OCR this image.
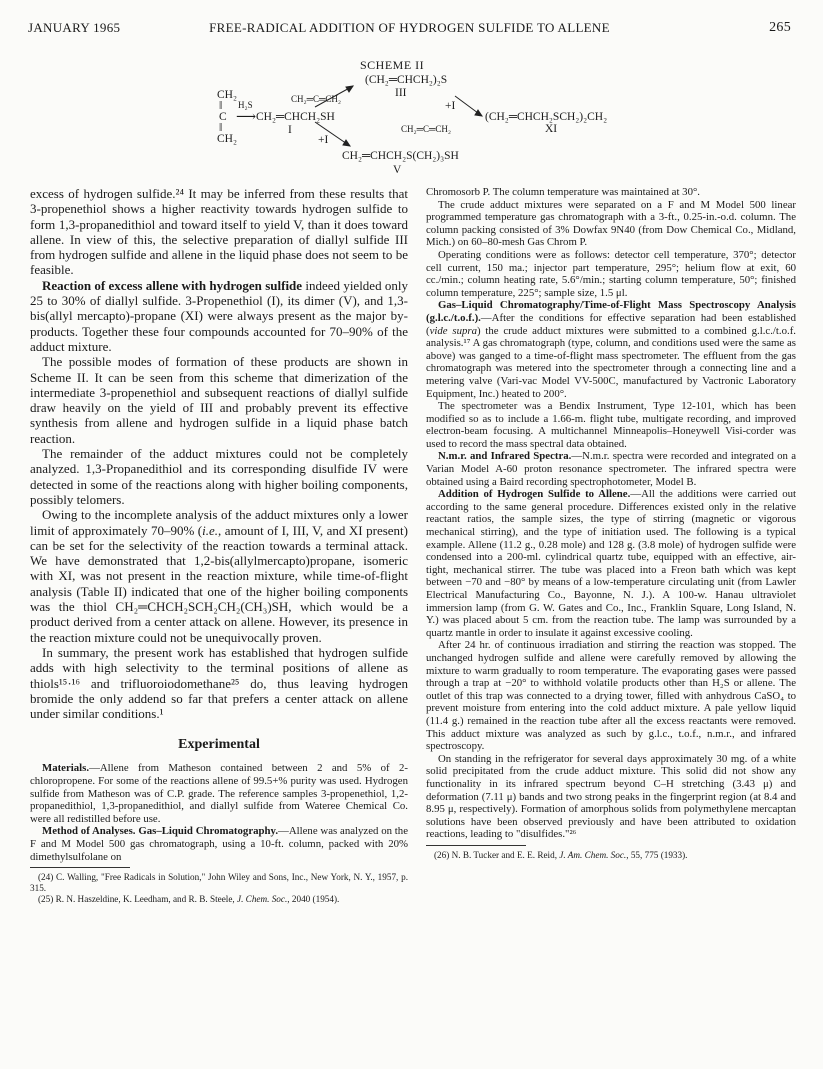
JANUARY 1965	FREE-RADICAL ADDITION OF HYDROGEN SULFIDE TO ALLENE	265
SCHEME II
(CH₂═CHCH₂)₂S
III
CH₂
‖
C
‖
CH₂
H₂S
⟶ CH₂═CHCH₂SH
I
CH₂═C═CH₂
+I
CH₂═C═CH₂
(CH₂═CHCH₂SCH₂)₂CH₂
XI
+I
CH₂═CHCH₂S(CH₂)₃SH
V

excess of hydrogen sulfide.²⁴ It may be inferred from these results that 3-propenethiol shows a higher reactivity towards hydrogen sulfide to form 1,3-propanedithiol and toward itself to yield V, than it does toward allene. In view of this, the selective preparation of diallyl sulfide III from hydrogen sulfide and allene in the liquid phase does not seem to be feasible.

Reaction of excess allene with hydrogen sulfide indeed yielded only 25 to 30% of diallyl sulfide. 3-Propenethiol (I), its dimer (V), and 1,3-bis(allyl mercapto)-propane (XI) were always present as the major by-products. Together these four compounds accounted for 70–90% of the adduct mixture.

The possible modes of formation of these products are shown in Scheme II. It can be seen from this scheme that dimerization of the intermediate 3-propenethiol and subsequent reactions of diallyl sulfide draw heavily on the yield of III and probably prevent its effective synthesis from allene and hydrogen sulfide in a liquid phase batch reaction.

The remainder of the adduct mixtures could not be completely analyzed. 1,3-Propanedithiol and its corresponding disulfide IV were detected in some of the reactions along with higher boiling components, possibly telomers.

Owing to the incomplete analysis of the adduct mixtures only a lower limit of approximately 70–90% (i.e., amount of I, III, V, and XI present) can be set for the selectivity of the reaction towards a terminal attack. We have demonstrated that 1,2-bis(allylmercapto)propane, isomeric with XI, was not present in the reaction mixture, while time-of-flight analysis (Table II) indicated that one of the higher boiling components was the thiol CH₂═CHCH₂SCH₂CH₂(CH₃)SH, which would be a product derived from a center attack on allene. However, its presence in the reaction mixture could not be unequivocally proven.

In summary, the present work has established that hydrogen sulfide adds with high selectivity to the terminal positions of allene as thiols¹⁵·¹⁶ and trifluoroiodomethane²⁵ do, thus leaving hydrogen bromide the only addend so far that prefers a center attack on allene under similar conditions.¹

Experimental

Materials.—Allene from Matheson contained between 2 and 5% of 2-chloropropene. For some of the reactions allene of 99.5+% purity was used. Hydrogen sulfide from Matheson was of C.P. grade. The reference samples 3-propenethiol, 1,2-propanedithiol, 1,3-propanedithiol, and diallyl sulfide from Wateree Chemical Co. were all redistilled before use.

Method of Analyses. Gas–Liquid Chromatography.—Allene was analyzed on the F and M Model 500 gas chromatograph, using a 10-ft. column, packed with 20% dimethylsulfolane on

(24) C. Walling, "Free Radicals in Solution," John Wiley and Sons, Inc., New York, N. Y., 1957, p. 315.

(25) R. N. Haszeldine, K. Leedham, and R. B. Steele, J. Chem. Soc., 2040 (1954).

Chromosorb P. The column temperature was maintained at 30°.

The crude adduct mixtures were separated on a F and M Model 500 linear programmed temperature gas chromatograph with a 3-ft., 0.25-in.-o.d. column. The column packing consisted of 3% Dowfax 9N40 (from Dow Chemical Co., Midland, Mich.) on 60–80-mesh Gas Chrom P.

Operating conditions were as follows: detector cell temperature, 370°; detector cell current, 150 ma.; injector part temperature, 295°; helium flow at exit, 60 cc./min.; column heating rate, 5.6°/min.; starting column temperature, 50°; finished column temperature, 225°; sample size, 1.5 μl.

Gas–Liquid Chromatography/Time-of-Flight Mass Spectroscopy Analysis (g.l.c./t.o.f.).—After the conditions for effective separation had been established (vide supra) the crude adduct mixtures were submitted to a combined g.l.c./t.o.f. analysis.¹⁷ A gas chromatograph (type, column, and conditions used were the same as above) was ganged to a time-of-flight mass spectrometer. The effluent from the gas chromatograph was metered into the spectrometer through a connecting line and a metering valve (Vari-vac Model VV-500C, manufactured by Vactronic Laboratory Equipment, Inc.) heated to 200°.

The spectrometer was a Bendix Instrument, Type 12-101, which has been modified so as to include a 1.66-m. flight tube, multigate recording, and improved electron-beam focusing. A multichannel Minneapolis–Honeywell Visi-corder was used to record the mass spectral data obtained.

N.m.r. and Infrared Spectra.—N.m.r. spectra were recorded and integrated on a Varian Model A-60 proton resonance spectrometer. The infrared spectra were obtained using a Baird recording spectrophotometer, Model B.

Addition of Hydrogen Sulfide to Allene.—All the additions were carried out according to the same general procedure. Differences existed only in the relative reactant ratios, the sample sizes, the type of stirring (magnetic or vigorous mechanical stirring), and the type of initiation used. The following is a typical example. Allene (11.2 g., 0.28 mole) and 128 g. (3.8 mole) of hydrogen sulfide were condensed into a 200-ml. cylindrical quartz tube, equipped with an effective, air-tight, mechanical stirrer. The tube was placed into a Freon bath which was kept between −70 and −80° by means of a low-temperature circulating unit (from Lawler Electrical Manufacturing Co., Bayonne, N. J.). A 100-w. Hanau ultraviolet immersion lamp (from G. W. Gates and Co., Inc., Franklin Square, Long Island, N. Y.) was placed about 5 cm. from the reaction tube. The lamp was surrounded by a quartz mantle in order to insulate it against excessive cooling.

After 24 hr. of continuous irradiation and stirring the reaction was stopped. The unchanged hydrogen sulfide and allene were carefully removed by allowing the mixture to warm gradually to room temperature. The evaporating gases were passed through a trap at −20° to withhold volatile products other than H₂S or allene. The outlet of this trap was connected to a drying tower, filled with anhydrous CaSO₄ to prevent moisture from entering into the cold adduct mixture. A pale yellow liquid (11.4 g.) remained in the reaction tube after all the excess reactants were removed. This adduct mixture was analyzed as such by g.l.c., t.o.f., n.m.r., and infrared spectroscopy.

On standing in the refrigerator for several days approximately 30 mg. of a white solid precipitated from the crude adduct mixture. This solid did not show any functionality in its infrared spectrum beyond C–H stretching (3.43 μ) and deformation (7.11 μ) bands and two strong peaks in the fingerprint region (at 8.4 and 8.95 μ, respectively). Formation of amorphous solids from polymethylene mercaptan solutions have been observed previously and have been attributed to oxidation reactions, leading to "disulfides."²⁶

(26) N. B. Tucker and E. E. Reid, J. Am. Chem. Soc., 55, 775 (1933).
